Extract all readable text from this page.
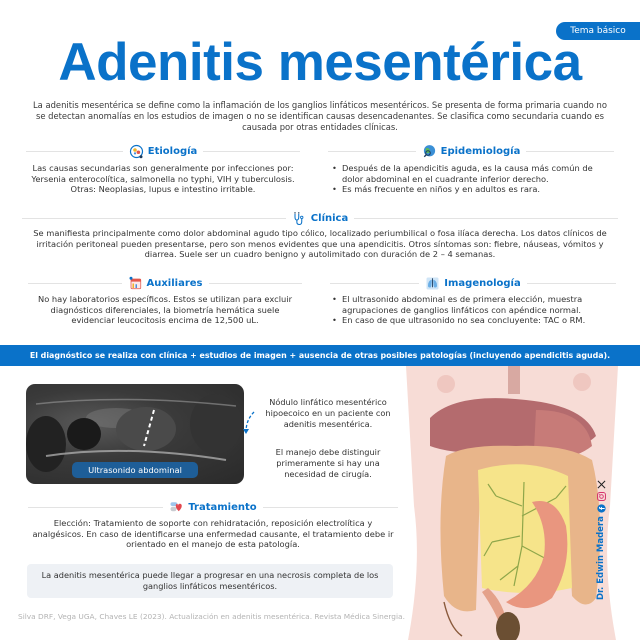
Tema básico
Adenitis mesentérica

La adenitis mesentérica se define como la inflamación de los ganglios linfáticos mesentéricos. Se presenta de forma primaria cuando no se detectan anomalías en los estudios de imagen o no se identifican causas desencadenantes. Se clasifica como secundaria cuando es causada por otras entidades clínicas.

Etiología

Las causas secundarias son generalmente por infecciones por: Yersenia enterocolítica, salmonella no typhi, VIH y tuberculosis. Otras: Neoplasias, lupus e intestino irritable.

Epidemiología
• Después de la apendicitis aguda, es la causa más común de dolor abdominal en el cuadrante inferior derecho.
• Es más frecuente en niños y en adultos es rara.
Clínica

Se manifiesta principalmente como dolor abdominal agudo tipo cólico, localizado periumbilical o fosa ilíaca derecha. Los datos clínicos de irritación peritoneal pueden presentarse, pero son menos evidentes que una apendicitis. Otros síntomas son: fiebre, náuseas, vómitos y diarrea. Suele ser un cuadro benigno y autolimitado con duración de 2 – 4 semanas.

Auxiliares

No hay laboratorios específicos. Estos se utilizan para excluir diagnósticos diferenciales, la biometría hemática suele evidenciar leucocitosis encima de 12,500 uL.

Imagenología
• El ultrasonido abdominal es de primera elección, muestra agrupaciones de ganglios linfáticos con apéndice normal.
• En caso de que ultrasonido no sea concluyente: TAC o RM.
El diagnóstico se realiza con clínica + estudios de imagen + ausencia de otras posibles patologías (incluyendo apendicitis aguda).
Ultrasonido abdominal

Nódulo linfático mesentérico hipoecoico en un paciente con adenitis mesentérica.

El manejo debe distinguir primeramente si hay una necesidad de cirugía.

Tratamiento

Elección: Tratamiento de soporte con rehidratación, reposición electrolítica y analgésicos. En caso de identificarse una enfermedad causante, el tratamiento debe ir orientado en el manejo de esta patología.

La adenitis mesentérica puede llegar a progresar en una necrosis completa de los ganglios linfáticos mesentéricos.

Silva DRF, Vega UGA, Chaves LE (2023). Actualización en adenitis mesentérica. Revista Médica Sinergia.

Dr. Edwin Madera
